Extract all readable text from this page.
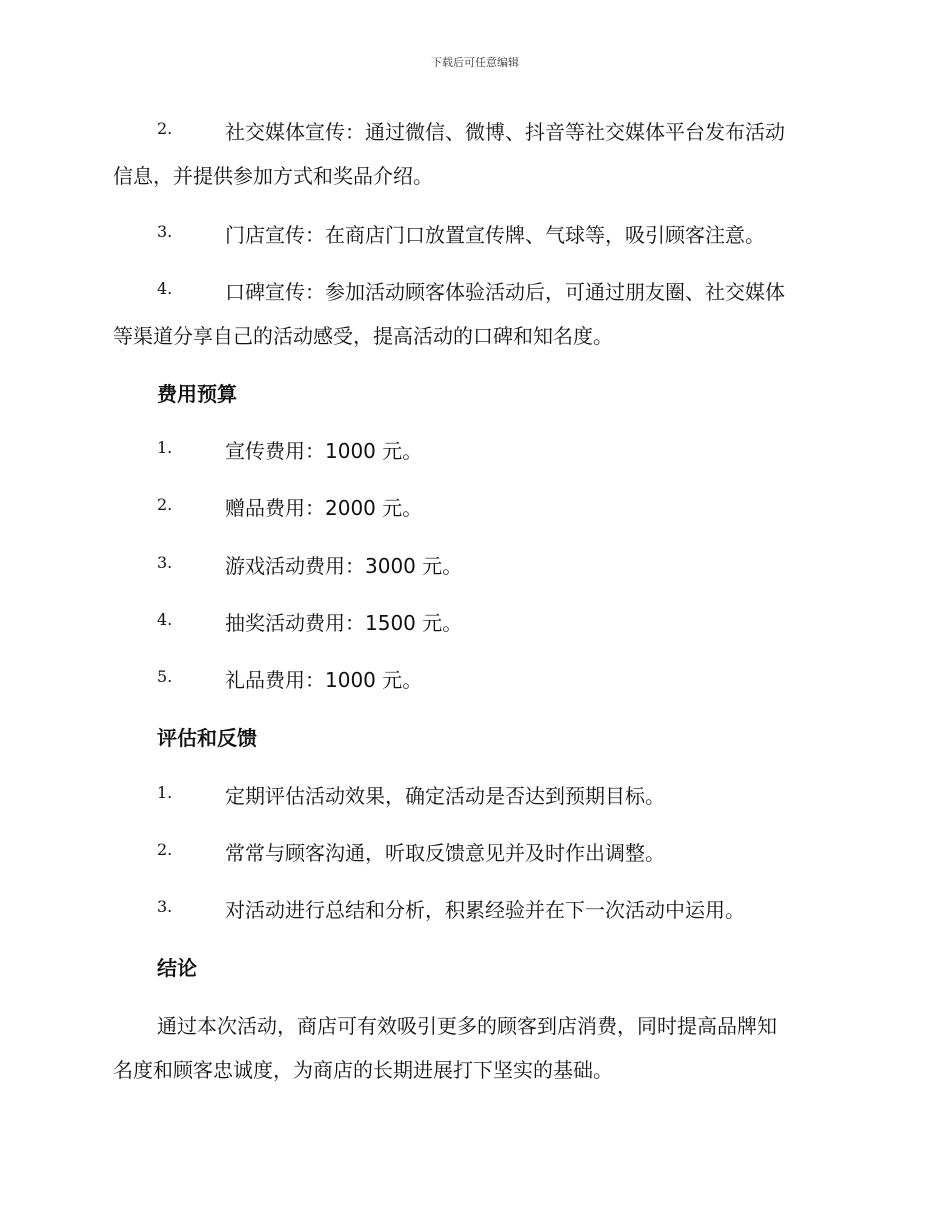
下载后可任意编辑
2.	社交媒体宣传：通过微信、微博、抖音等社交媒体平台发布活动
信息，并提供参加方式和奖品介绍。
3.	门店宣传：在商店门口放置宣传牌、气球等，吸引顾客注意。
4.	口碑宣传：参加活动顾客体验活动后，可通过朋友圈、社交媒体
等渠道分享自己的活动感受，提高活动的口碑和知名度。
费用预算
1.	宣传费用：1000 元。
2.	赠品费用：2000 元。
3.	游戏活动费用：3000 元。
4.	抽奖活动费用：1500 元。
5.	礼品费用：1000 元。
评估和反馈
1.	定期评估活动效果，确定活动是否达到预期目标。
2.	常常与顾客沟通，听取反馈意见并及时作出调整。
3.	对活动进行总结和分析，积累经验并在下一次活动中运用。
结论
通过本次活动，商店可有效吸引更多的顾客到店消费，同时提高品牌知
名度和顾客忠诚度，为商店的长期进展打下坚实的基础。
